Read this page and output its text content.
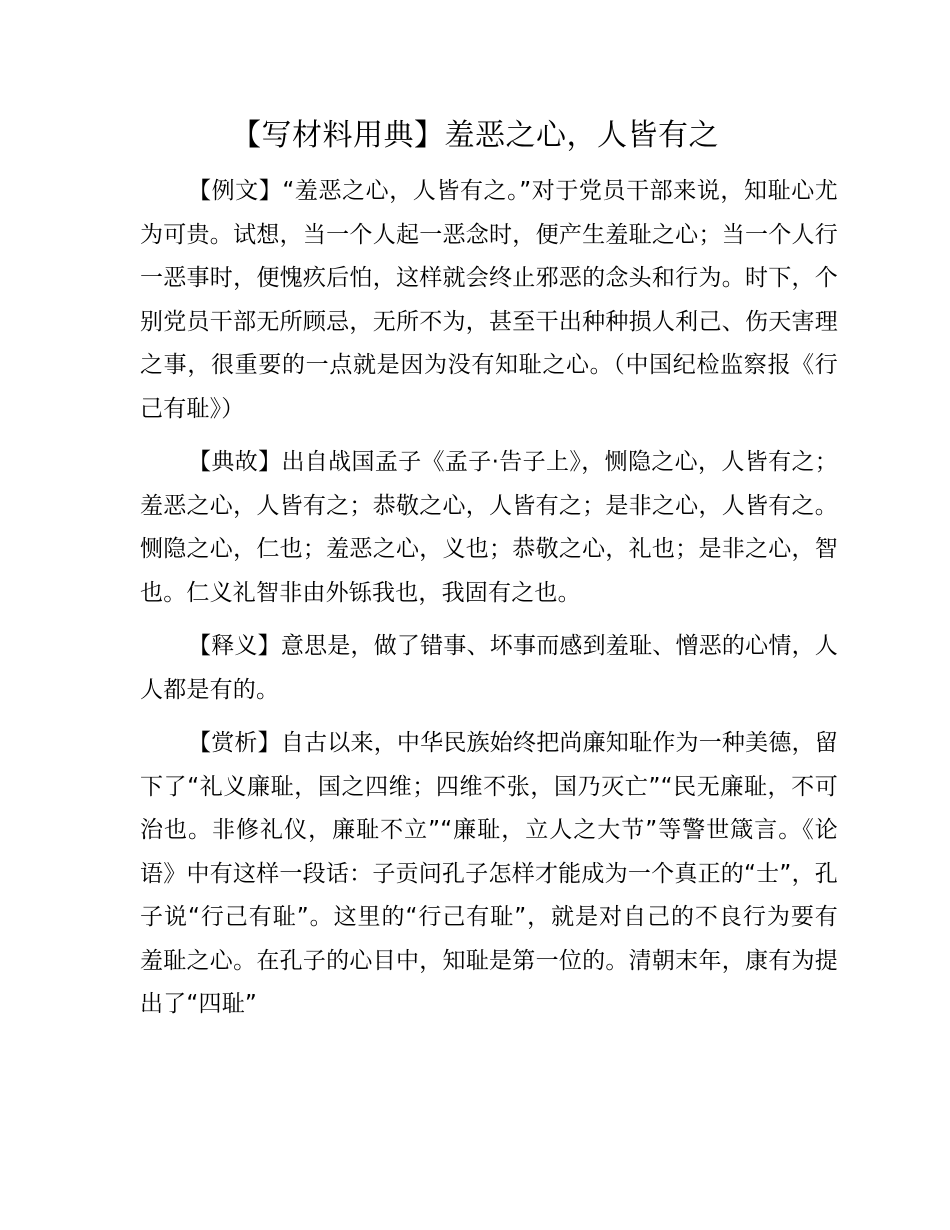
【写材料用典】羞恶之心，人皆有之

【例文】“羞恶之心，人皆有之。”对于党员干部来说，知耻心尤为可贵。试想，当一个人起一恶念时，便产生羞耻之心；当一个人行一恶事时，便愧疚后怕，这样就会终止邪恶的念头和行为。时下，个别党员干部无所顾忌，无所不为，甚至干出种种损人利己、伤天害理之事，很重要的一点就是因为没有知耻之心。（中国纪检监察报《行己有耻》）

【典故】出自战国孟子《孟子·告子上》，恻隐之心，人皆有之；羞恶之心，人皆有之；恭敬之心，人皆有之；是非之心，人皆有之。恻隐之心，仁也；羞恶之心，义也；恭敬之心，礼也；是非之心，智也。仁义礼智非由外铄我也，我固有之也。

【释义】意思是，做了错事、坏事而感到羞耻、憎恶的心情，人人都是有的。

【赏析】自古以来，中华民族始终把尚廉知耻作为一种美德，留下了“礼义廉耻，国之四维；四维不张，国乃灭亡”“民无廉耻，不可治也。非修礼仪，廉耻不立”“廉耻，立人之大节”等警世箴言。《论语》中有这样一段话：子贡问孔子怎样才能成为一个真正的“士”，孔子说“行己有耻”。这里的“行己有耻”，就是对自己的不良行为要有羞耻之心。在孔子的心目中，知耻是第一位的。清朝末年，康有为提出了“四耻”
